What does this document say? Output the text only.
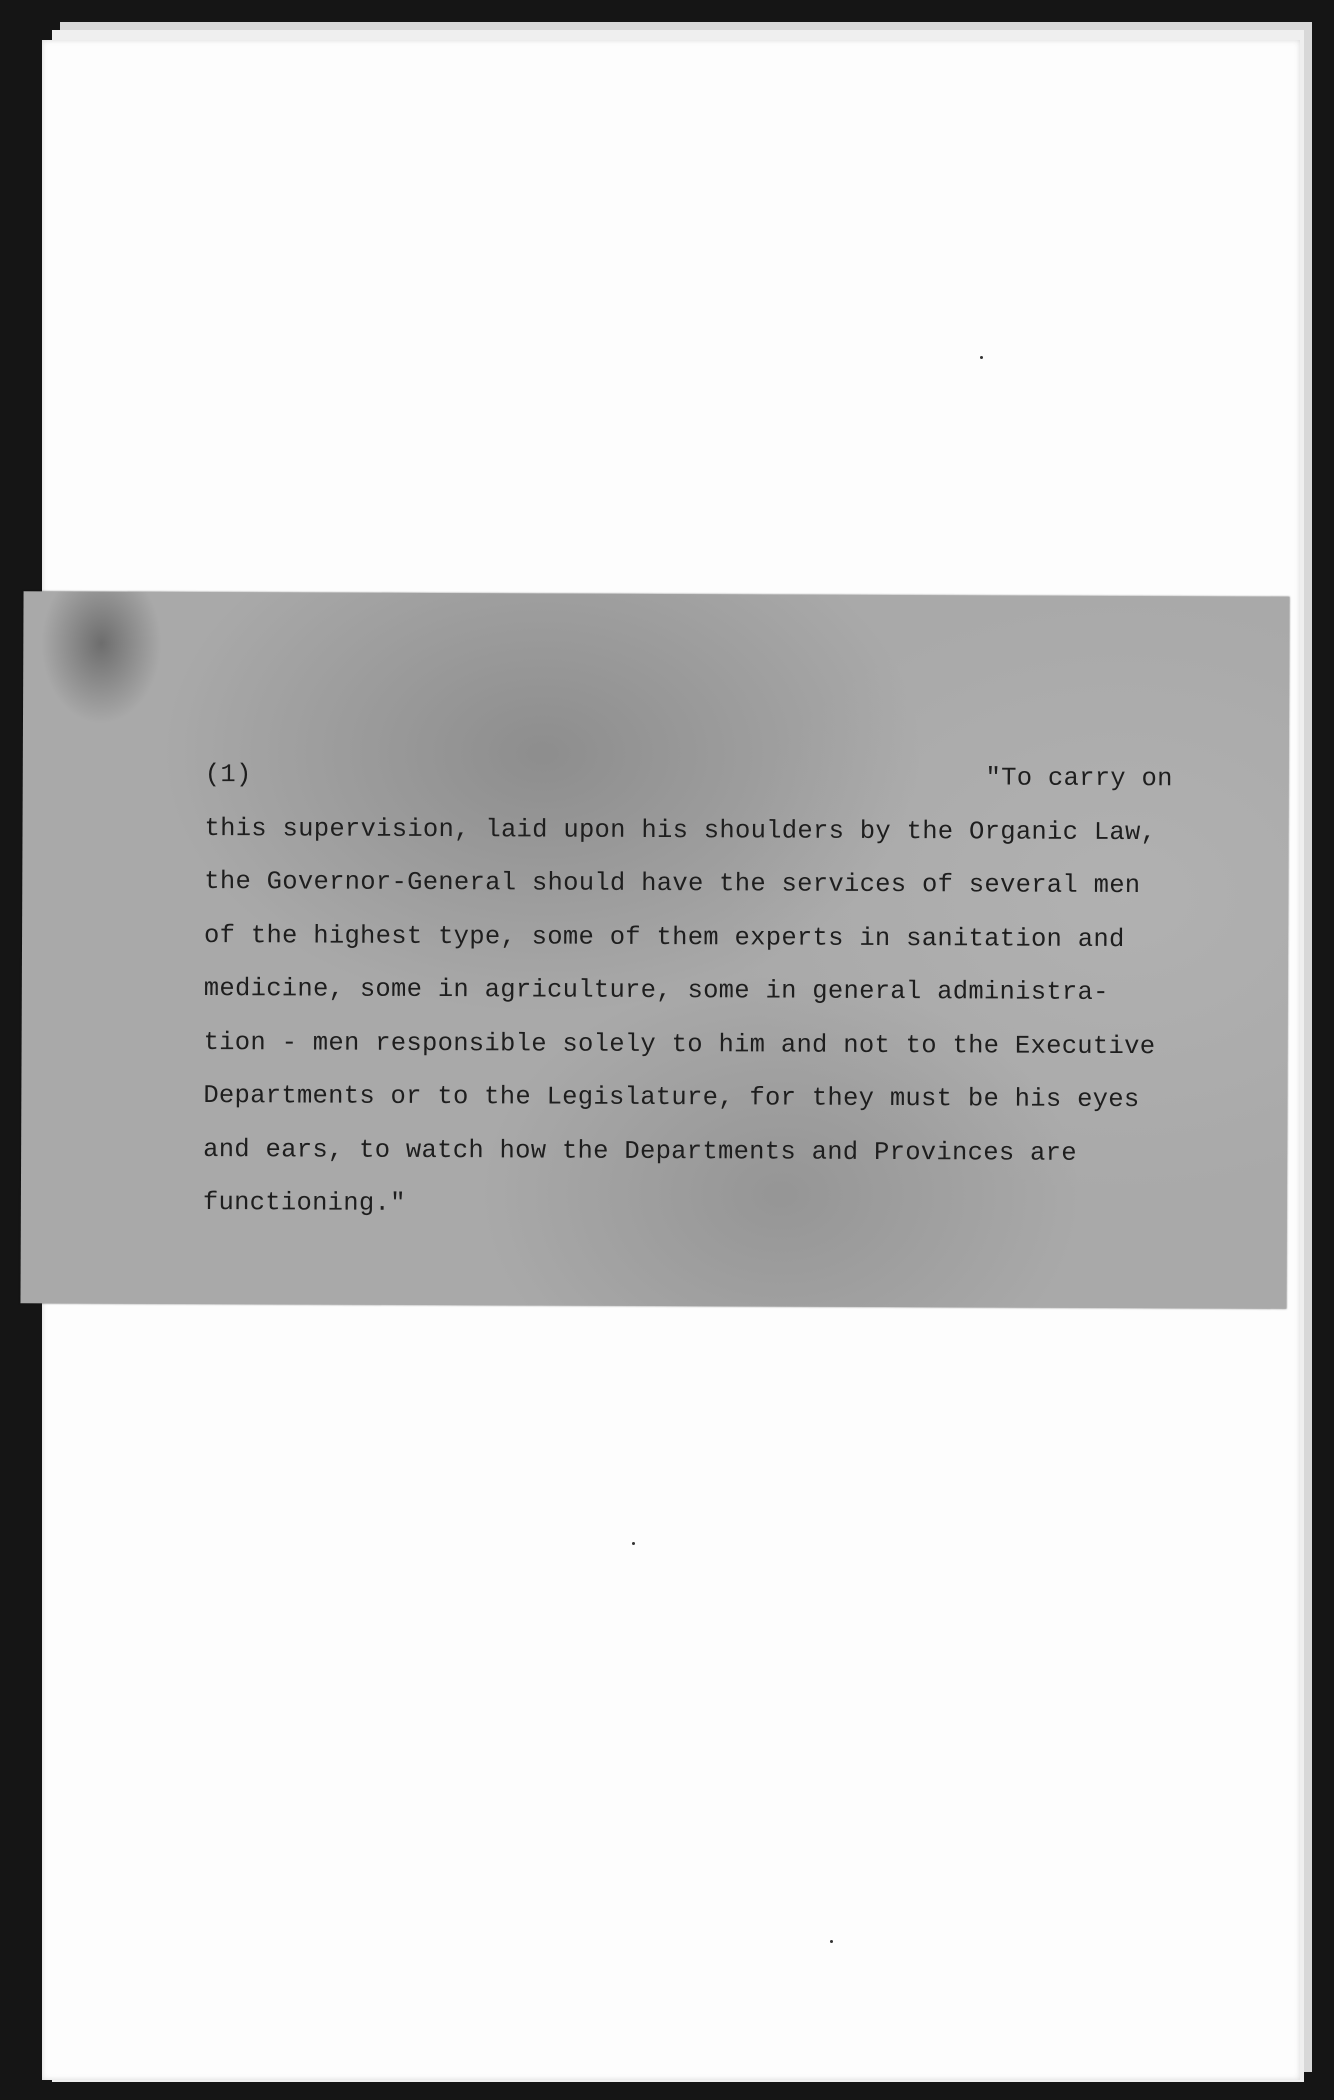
(1)	"To carry on
this supervision, laid upon his shoulders by the Organic Law,
the Governor-General should have the services of several men
of the highest type, some of them experts in sanitation and
medicine, some in agriculture, some in general administra-
tion - men responsible solely to him and not to the Executive
Departments or to the Legislature, for they must be his eyes
and ears, to watch how the Departments and Provinces are
functioning."
